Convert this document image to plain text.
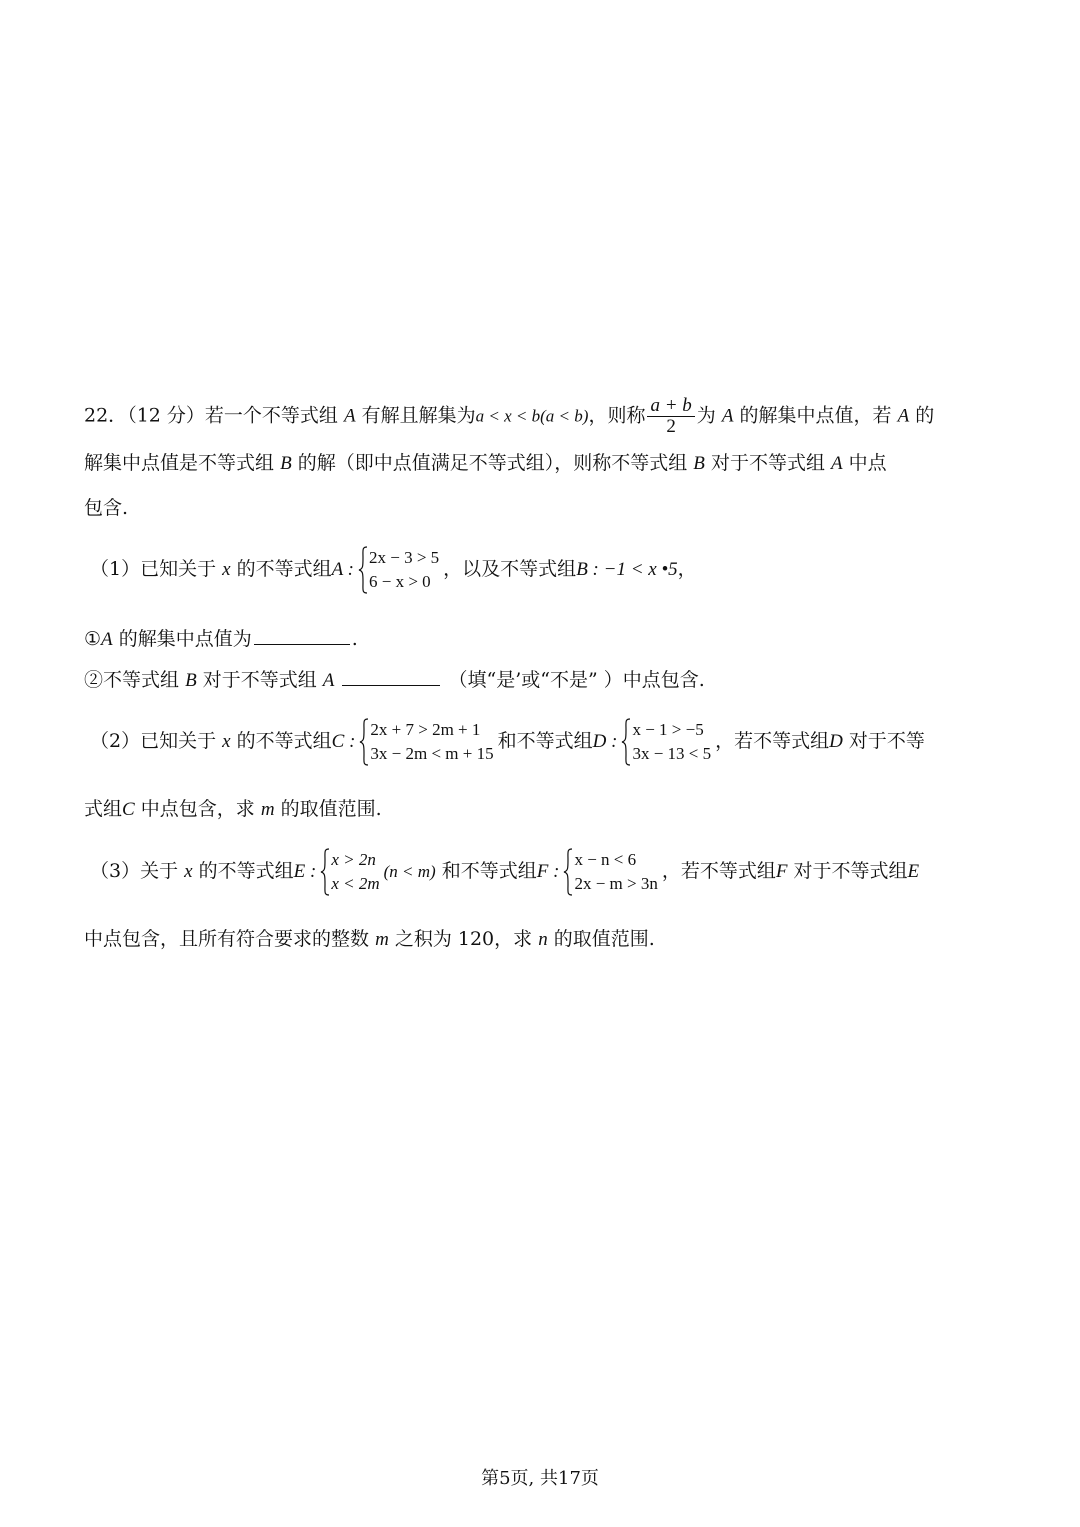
22．（12 分）若一个不等式组 A 有解且解集为a < x < b(a < b)，则称 $\frac{a + b}{2}$ 为 A 的解集中点值，若 A 的
解集中点值是不等式组 B 的解（即中点值满足不等式组），则称不等式组 B 对于不等式组 A 中点
包含.
（1）已知关于 x 的不等式组A :
2x − 3 > 5
6 − x > 0
，以及不等式组B : −1 < x •5，
①A 的解集中点值为	.
②不等式组 B 对于不等式组 A	（填“是’或“不是” ）中点包含.
（2）已知关于 x 的不等式组C :
2x + 7 > 2m + 1
3x − 2m < m + 15
和不等式组D :
x − 1 > −5
3x − 13 < 5
，若不等式组D 对于不等
式组C 中点包含，求 m 的取值范围.
（3）关于 x 的不等式组E :
x > 2n
x < 2m
(n < m) 和不等式组F :
x − n < 6
2x − m > 3n
，若不等式组F 对于不等式组E
中点包含，且所有符合要求的整数 m 之积为 120，求 n 的取值范围.
第5页, 共17页
